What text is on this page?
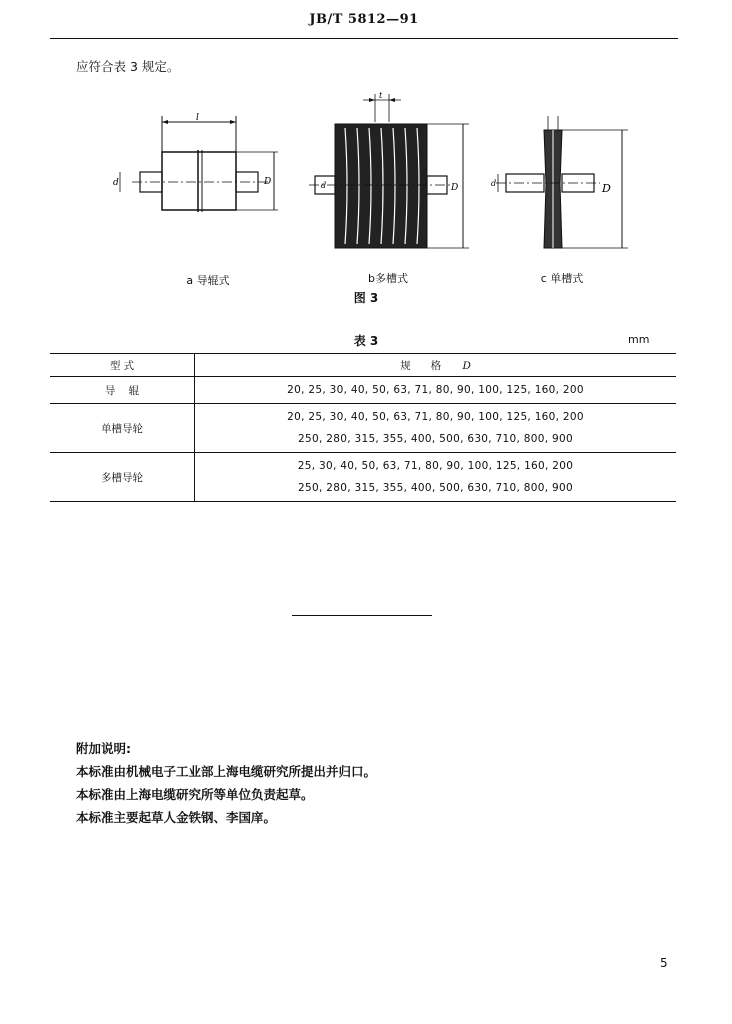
JB/T 5812—91
应符合表 3 规定。
l
d	D
a 导辊式
t
d	D
b多槽式
d	D
c 单槽式
图 3
表 3	mm
型 式	规      格 D
导    辊	20, 25, 30, 40, 50, 63, 71, 80, 90, 100, 125, 160, 200

单槽导轮	20, 25, 30, 40, 50, 63, 71, 80, 90, 100, 125, 160, 200
250, 280, 315, 355, 400, 500, 630, 710, 800, 900

多槽导轮	25, 30, 40, 50, 63, 71, 80, 90, 100, 125, 160, 200
250, 280, 315, 355, 400, 500, 630, 710, 800, 900
附加说明:
本标准由机械电子工业部上海电缆研究所提出并归口。
本标准由上海电缆研究所等单位负责起草。
本标准主要起草人金铁钢、李国庠。
5
